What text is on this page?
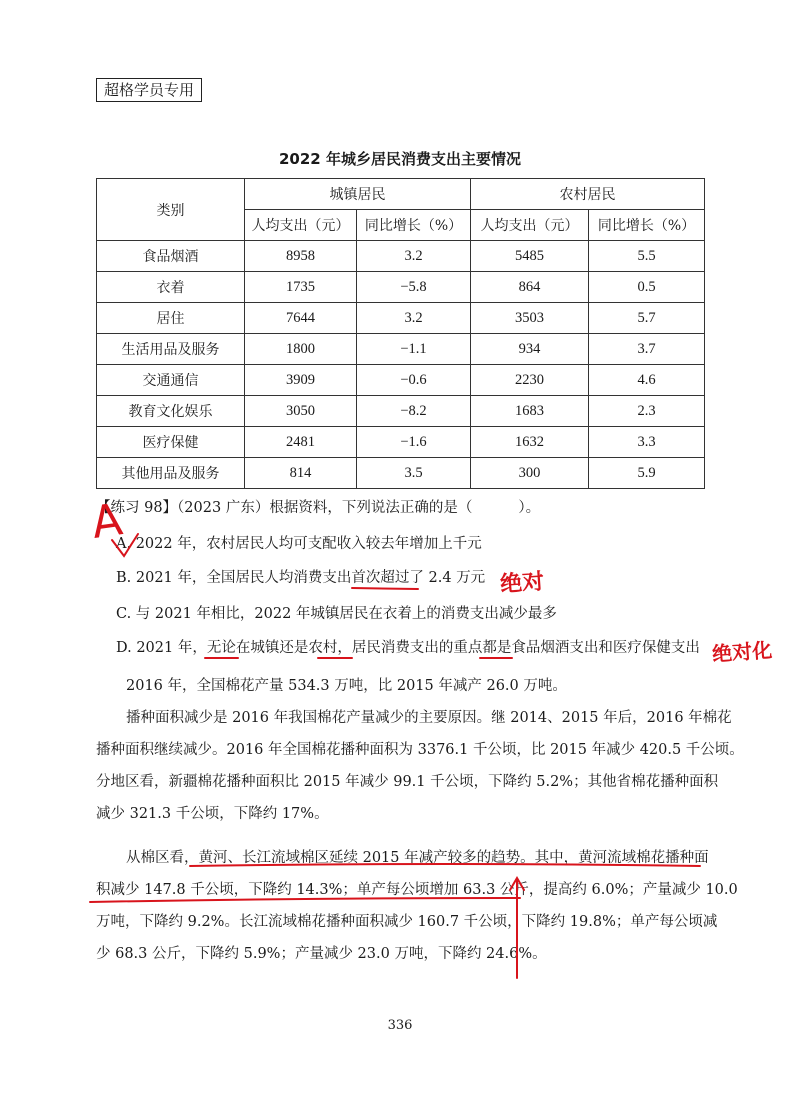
超格学员专用
2022 年城乡居民消费支出主要情况
类别	城镇居民		农村居民	
	人均支出（元）	同比增长（%）	人均支出（元）	同比增长（%）
食品烟酒	8958	3.2	5485	5.5
衣着	1735	−5.8	864	0.5
居住	7644	3.2	3503	5.7
生活用品及服务	1800	−1.1	934	3.7
交通通信	3909	−0.6	2230	4.6
教育文化娱乐	3050	−8.2	1683	2.3
医疗保健	2481	−1.6	1632	3.3
其他用品及服务	814	3.5	300	5.9
【练习 98】（2023 广东）根据资料，下列说法正确的是（	）。
A. 2022 年，农村居民人均可支配收入较去年增加上千元
B. 2021 年，全国居民人均消费支出首次超过了 2.4 万元
C. 与 2021 年相比，2022 年城镇居民在衣着上的消费支出减少最多
D. 2021 年，无论在城镇还是农村，居民消费支出的重点都是食品烟酒支出和医疗保健支出
2016 年，全国棉花产量 534.3 万吨，比 2015 年减产 26.0 万吨。
播种面积减少是 2016 年我国棉花产量减少的主要原因。继 2014、2015 年后，2016 年棉花
播种面积继续减少。2016 年全国棉花播种面积为 3376.1 千公顷，比 2015 年减少 420.5 千公顷。
分地区看，新疆棉花播种面积比 2015 年减少 99.1 千公顷，下降约 5.2%；其他省棉花播种面积
减少 321.3 千公顷，下降约 17%。
从棉区看，黄河、长江流域棉区延续 2015 年减产较多的趋势。其中，黄河流域棉花播种面
积减少 147.8 千公顷，下降约 14.3%；单产每公顷增加 63.3 公斤，提高约 6.0%；产量减少 10.0
万吨，下降约 9.2%。长江流域棉花播种面积减少 160.7 千公顷，下降约 19.8%；单产每公顷减
少 68.3 公斤，下降约 5.9%；产量减少 23.0 万吨，下降约 24.6%。
336
A
绝对
绝对化
